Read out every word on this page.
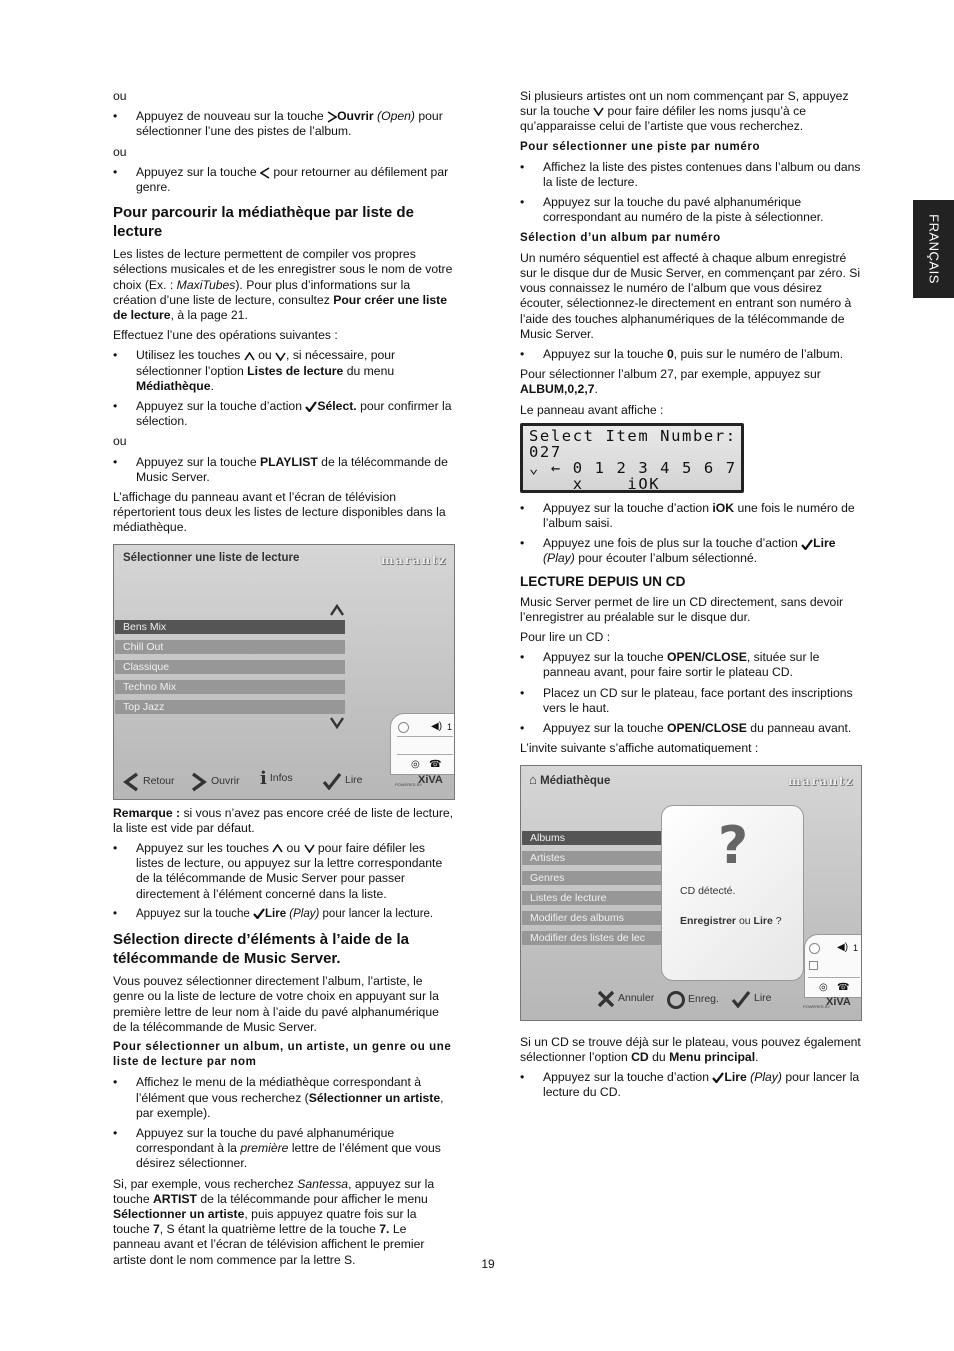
FRANÇAIS

ou

• Appuyez de nouveau sur la touche Ouvrir (Open) pour sélectionner l’une des pistes de l’album.

ou

• Appuyez sur la touche  pour retourner au défilement par genre.
Pour parcourir la médiathèque par liste de lecture

Les listes de lecture permettent de compiler vos propres sélections musicales et de les enregistrer sous le nom de votre choix (Ex. : MaxiTubes). Pour plus d’informations sur la création d’une liste de lecture, consultez Pour créer une liste de lecture, à la page 21.

Effectuez l’une des opérations suivantes :

• Utilisez les touches  ou , si nécessaire, pour sélectionner l’option Listes de lecture du menu Médiathèque.
• Appuyez sur la touche d’action Sélect. pour confirmer la sélection.

ou

• Appuyez sur la touche PLAYLIST de la télécommande de Music Server.

L’affichage du panneau avant et l’écran de télévision répertorient tous deux les listes de lecture disponibles dans la médiathèque.

Sélectionner une liste de lecture	marantz
Bens Mix
Chill Out
Classique
Techno Mix
Top Jazz
◀) 1
◎ ☎
Retour	Ouvrir i Infos	Lire	POWERED BY
XiVA

Remarque : si vous n’avez pas encore créé de liste de lecture, la liste est vide par défaut.

• Appuyez sur les touches  ou  pour faire défiler les listes de lecture, ou appuyez sur la lettre correspondante de la télécommande de Music Server pour passer directement à l’élément concerné dans la liste.
• Appuyez sur la touche Lire (Play) pour lancer la lecture.
Sélection directe d’éléments à l’aide de la télécommande de Music Server.

Vous pouvez sélectionner directement l’album, l’artiste, le genre ou la liste de lecture de votre choix en appuyant sur la première lettre de leur nom à l’aide du pavé alphanumérique de la télécommande de Music Server.

Pour sélectionner un album, un artiste, un genre ou une liste de lecture par nom

• Affichez le menu de la médiathèque correspondant à l’élément que vous recherchez (Sélectionner un artiste, par exemple).
• Appuyez sur la touche du pavé alphanumérique correspondant à la première lettre de l’élément que vous désirez sélectionner.

Si, par exemple, vous recherchez Santessa, appuyez sur la touche ARTIST de la télécommande pour afficher le menu Sélectionner un artiste, puis appuyez quatre fois sur la touche 7, S étant la quatrième lettre de la touche 7. Le panneau avant et l’écran de télévision affichent le premier artiste dont le nom commence par la lettre S.

Si plusieurs artistes ont un nom commençant par S, appuyez sur la touche  pour faire défiler les noms jusqu’à ce qu’apparaisse celui de l’artiste que vous recherchez.

Pour sélectionner une piste par numéro

• Affichez la liste des pistes contenues dans l’album ou dans la liste de lecture.
• Appuyez sur la touche du pavé alphanumérique correspondant au numéro de la piste à sélectionner.

Sélection d’un album par numéro

Un numéro séquentiel est affecté à chaque album enregistré sur le disque dur de Music Server, en commençant par zéro. Si vous connaissez le numéro de l’album que vous désirez écouter, sélectionnez-le directement en entrant son numéro à l’aide des touches alphanumériques de la télécommande de Music Server.

• Appuyez sur la touche 0, puis sur le numéro de l’album.

Pour sélectionner l’album 27, par exemple, appuyez sur ALBUM,0,2,7.

Le panneau avant affiche :

Select Item Number:
027
⌄ ← 0 1 2 3 4 5 6 7
x    iOK
• Appuyez sur la touche d’action iOK une fois le numéro de l’album saisi.
• Appuyez une fois de plus sur la touche d’action Lire (Play) pour écouter l’album sélectionné.
LECTURE DEPUIS UN CD

Music Server permet de lire un CD directement, sans devoir l’enregistrer au préalable sur le disque dur.

Pour lire un CD :

• Appuyez sur la touche OPEN/CLOSE, située sur le panneau avant, pour faire sortir le plateau CD.
• Placez un CD sur le plateau, face portant des inscriptions vers le haut.
• Appuyez sur la touche OPEN/CLOSE du panneau avant.

L’invite suivante s’affiche automatiquement :

⌂ Médiathèque	marantz
Albums
Artistes
Genres
Listes de lecture
Modifier des albums
Modifier des listes de lec
?
CD détecté.
Enregistrer ou Lire ?
◀) 1
◎ ☎
Annuler	Enreg.	Lire
POWERED BY
XiVA

Si un CD se trouve déjà sur le plateau, vous pouvez également sélectionner l’option CD du Menu principal.

• Appuyez sur la touche d’action Lire (Play) pour lancer la lecture du CD.
19
